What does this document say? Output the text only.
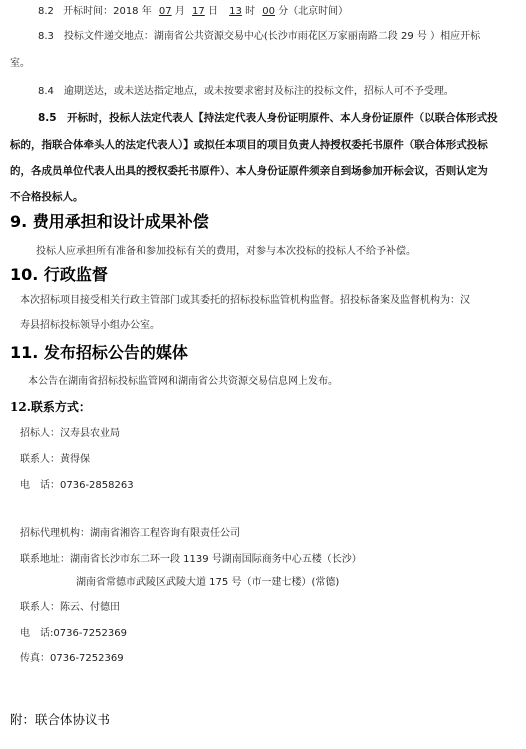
8.2 开标时间：2018 年 07 月 17 日 13 时 00 分（北京时间）
8.3　投标文件递交地点：湖南省公共资源交易中心(长沙市雨花区万家丽南路二段 29 号 ）相应开标
室。
8.4　逾期送达，或未送达指定地点，或未按要求密封及标注的投标文件，招标人可不予受理。
8.5　开标时，投标人法定代表人【持法定代表人身份证明原件、本人身份证原件（以联合体形式投
标的，指联合体牵头人的法定代表人）】或拟任本项目的项目负责人持授权委托书原件（联合体形式投标
的，各成员单位代表人出具的授权委托书原件）、本人身份证原件须亲自到场参加开标会议，否则认定为
不合格投标人。
9. 费用承担和设计成果补偿
投标人应承担所有准备和参加投标有关的费用，对参与本次投标的投标人不给予补偿。
10. 行政监督
本次招标项目接受相关行政主管部门或其委托的招标投标监管机构监督。招投标备案及监督机构为：汉
寿县招标投标领导小组办公室。
11. 发布招标公告的媒体
本公告在湖南省招标投标监管网和湖南省公共资源交易信息网上发布。
12.联系方式：
招标人：汉寿县农业局
联系人：黄得保
电　话：0736-2858263
招标代理机构：湖南省湘咨工程咨询有限责任公司
联系地址：湖南省长沙市东二环一段 1139 号湖南国际商务中心五楼（长沙）
湖南省常德市武陵区武陵大道 175 号（市一建七楼）(常德)
联系人：陈云、付德田
电　话:0736-7252369
传真：0736-7252369
附：联合体协议书
